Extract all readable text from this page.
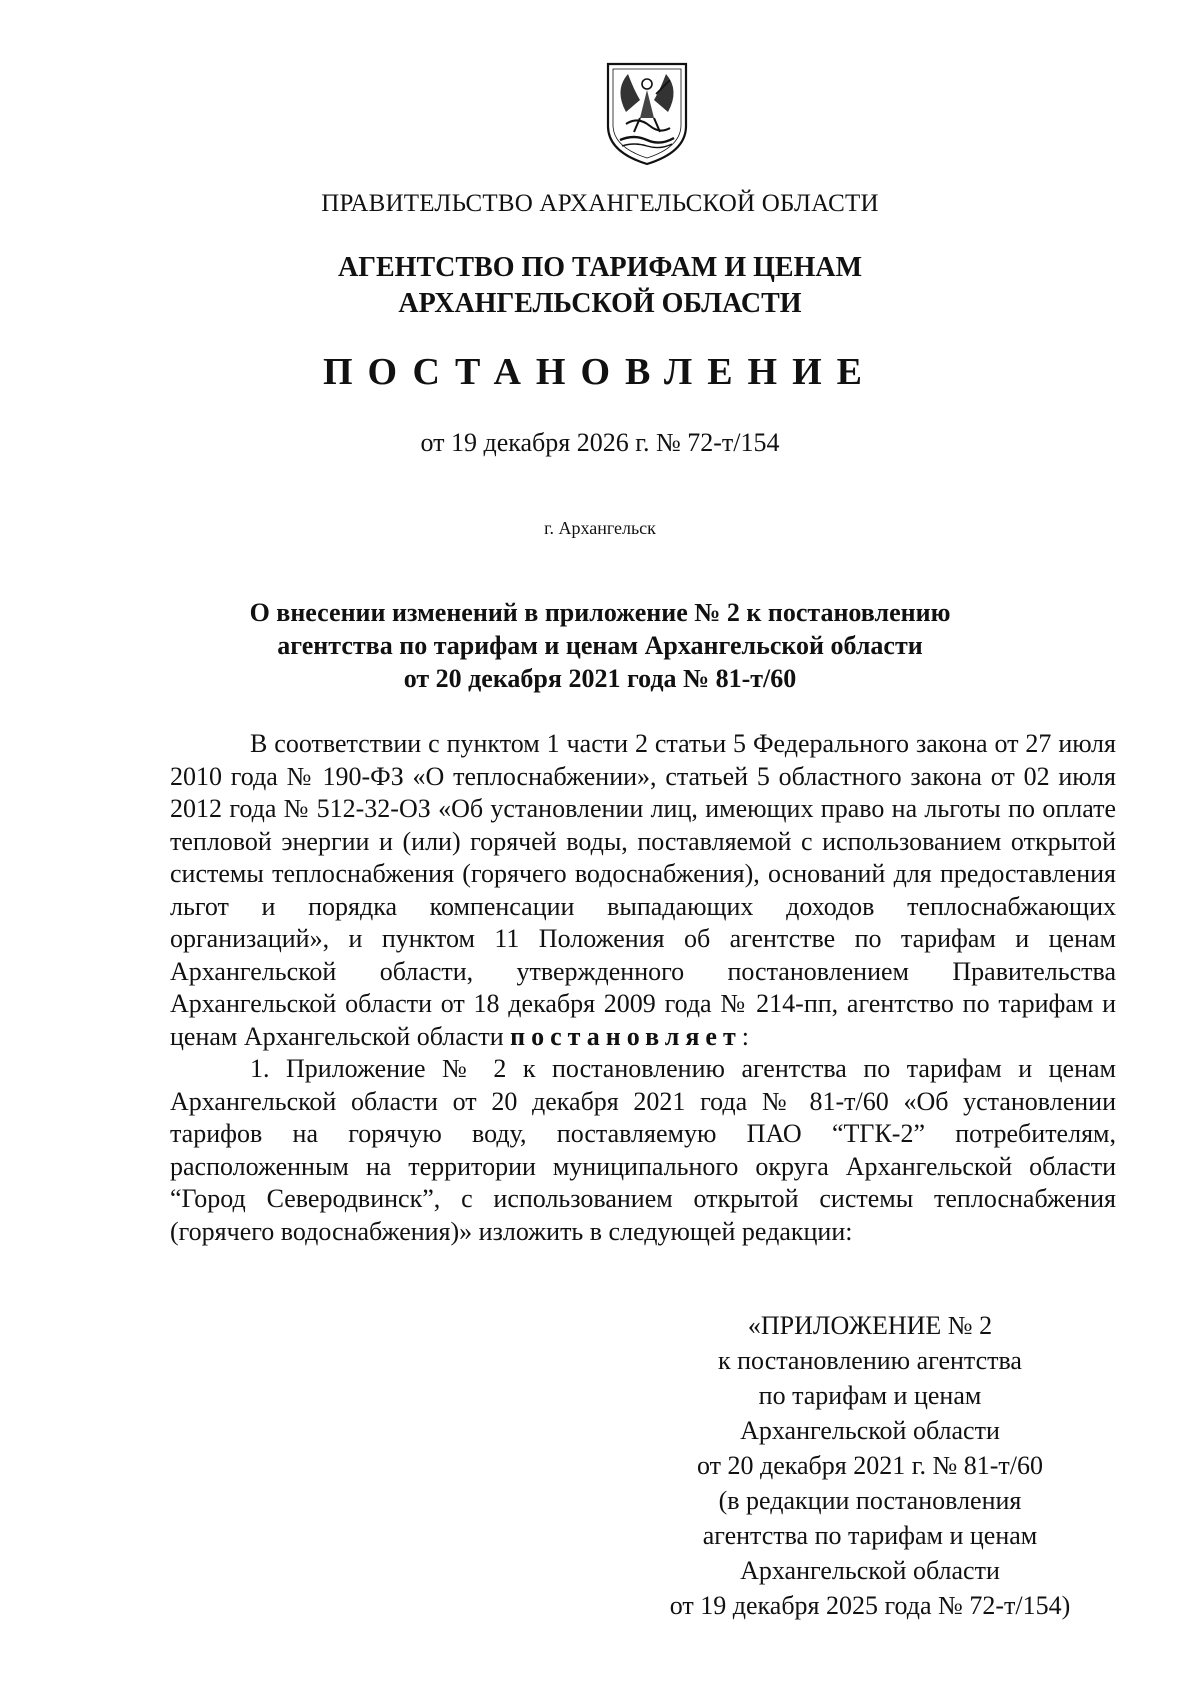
ПРАВИТЕЛЬСТВО АРХАНГЕЛЬСКОЙ ОБЛАСТИ
АГЕНТСТВО ПО ТАРИФАМ И ЦЕНАМ
АРХАНГЕЛЬСКОЙ ОБЛАСТИ
ПОСТАНОВЛЕНИЕ
от 19 декабря 2026 г. № 72-т/154
г. Архангельск
О внесении изменений в приложение № 2 к постановлению
агентства по тарифам и ценам Архангельской области
от 20 декабря 2021 года № 81-т/60

В соответствии с пунктом 1 части 2 статьи 5 Федерального закона от 27 июля 2010 года № 190-ФЗ «О теплоснабжении», статьей 5 областного закона от 02 июля 2012 года № 512-32-ОЗ «Об установлении лиц, имеющих право на льготы по оплате тепловой энергии и (или) горячей воды, поставляемой с использованием открытой системы теплоснабжения (горячего водоснабжения), оснований для предоставления льгот и порядка компенсации выпадающих доходов теплоснабжающих организаций», и пунктом 11 Положения об агентстве по тарифам и ценам Архангельской области, утвержденного постановлением Правительства Архангельской области от 18 декабря 2009 года № 214-пп, агентство по тарифам и ценам Архангельской области постановляет:

1. Приложение № 2 к постановлению агентства по тарифам и ценам Архангельской области от 20 декабря 2021 года № 81-т/60 «Об установлении тарифов на горячую воду, поставляемую ПАО “ТГК-2” потребителям, расположенным на территории муниципального округа Архангельской области “Город Северодвинск”, с использованием открытой системы теплоснабжения (горячего водоснабжения)» изложить в следующей редакции:

«ПРИЛОЖЕНИЕ № 2
к постановлению агентства
по тарифам и ценам
Архангельской области
от 20 декабря 2021 г. № 81-т/60
(в редакции постановления
агентства по тарифам и ценам
Архангельской области
от 19 декабря 2025 года № 72-т/154)
